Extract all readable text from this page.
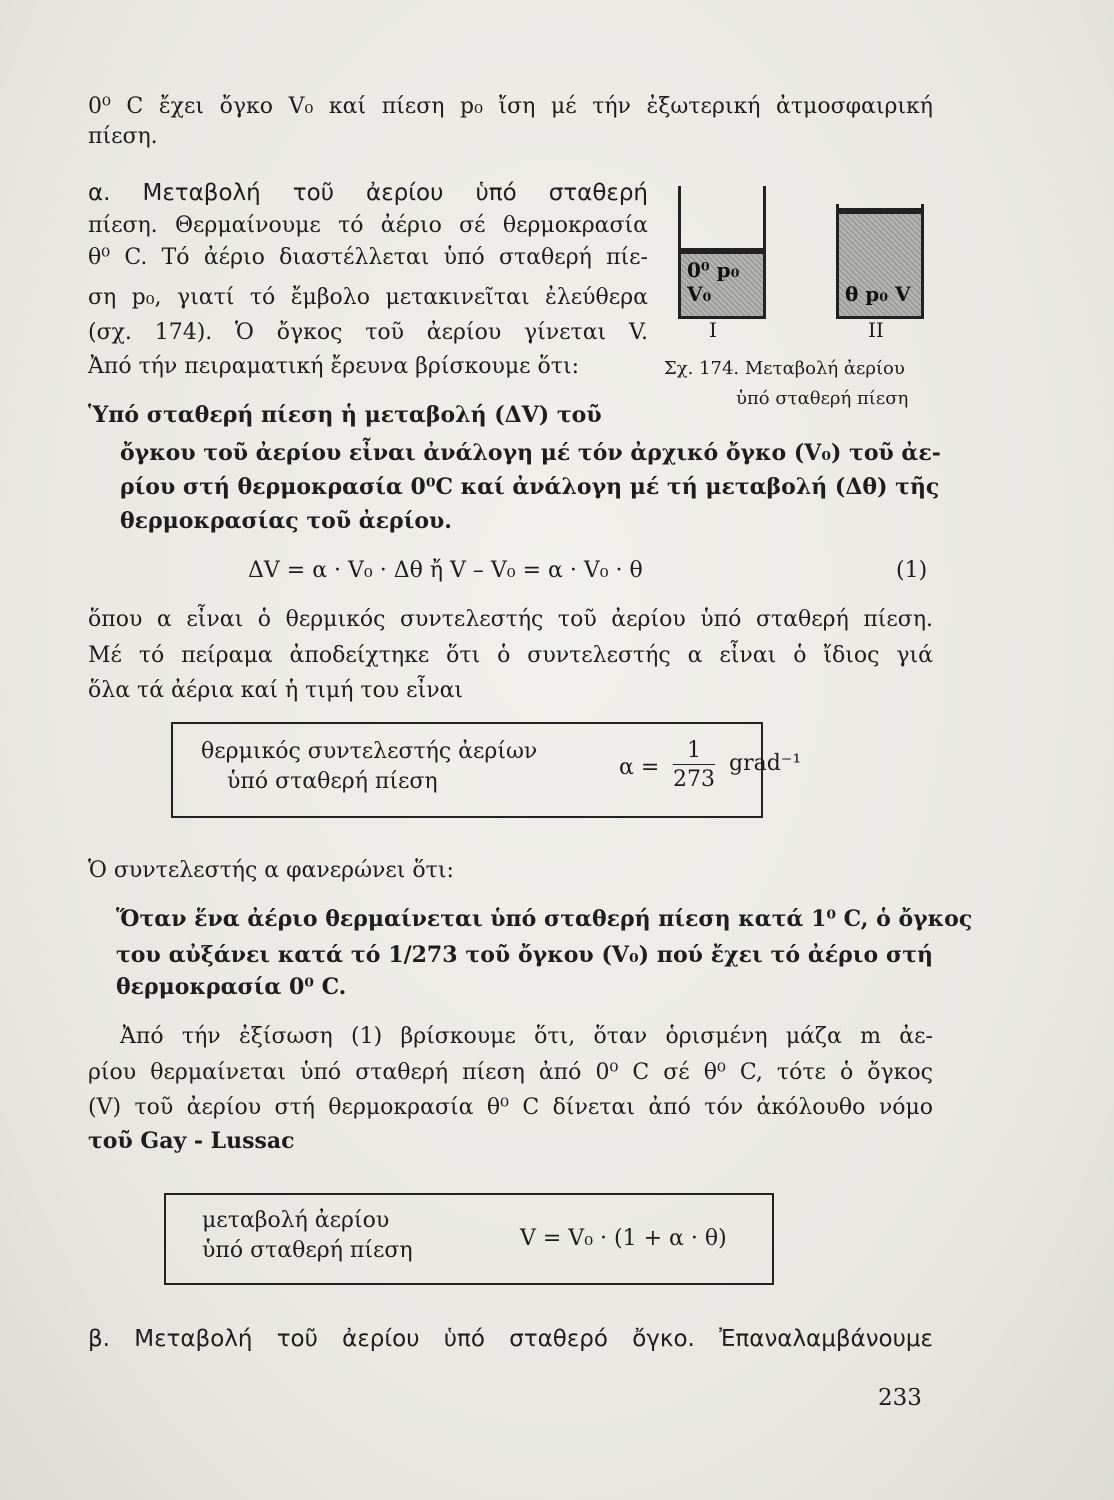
0⁰ C ἔχει ὄγκο V₀ καί πίεση p₀ ἴση μέ τήν ἐξωτερική ἀτμοσφαιρική
πίεση.
α. Μεταβολή τοῦ ἀερίου ὑπό σταθερή
πίεση. Θερμαίνουμε τό ἀέριο σέ θερμοκρασία
θ⁰ C. Τό ἀέριο διαστέλλεται ὑπό σταθερή πίε-
ση p₀, γιατί τό ἔμβολο μετακινεῖται ἐλεύθερα
(σχ. 174). Ὁ ὄγκος τοῦ ἀερίου γίνεται V.
Ἀπό τήν πειραματική ἔρευνα βρίσκουμε ὅτι:
0⁰ p₀ V₀	θ p₀ V
I	II
Σχ. 174. Μεταβολή ἀερίου
ὑπό σταθερή πίεση
Ὑπό σταθερή πίεση ἡ μεταβολή (ΔV) τοῦ
ὄγκου τοῦ ἀερίου εἶναι ἀνάλογη μέ τόν ἀρχικό ὄγκο (V₀) τοῦ ἀε-
ρίου στή θερμοκρασία 0⁰C καί ἀνάλογη μέ τή μεταβολή (Δθ) τῆς
θερμοκρασίας τοῦ ἀερίου.
ΔV = α · V₀ · Δθ ἤ V – V₀ = α · V₀ · θ	(1)
ὅπου α εἶναι ὁ θερμικός συντελεστής τοῦ ἀερίου ὑπό σταθερή πίεση.
Μέ τό πείραμα ἀποδείχτηκε ὅτι ὁ συντελεστής α εἶναι ὁ ἴδιος γιά
ὅλα τά ἀέρια καί ἡ τιμή του εἶναι
θερμικός συντελεστής ἀερίων
ὑπό σταθερή πίεση
$\alpha = \frac{1}{273}$ grad⁻¹
Ὁ συντελεστής α φανερώνει ὅτι:
Ὅταν ἕνα ἀέριο θερμαίνεται ὑπό σταθερή πίεση κατά 1⁰ C, ὁ ὄγκος
του αὐξάνει κατά τό 1/273 τοῦ ὄγκου (V₀) πού ἔχει τό ἀέριο στή
θερμοκρασία 0⁰ C.
Ἀπό τήν ἐξίσωση (1) βρίσκουμε ὅτι, ὅταν ὁρισμένη μάζα m ἀε-
ρίου θερμαίνεται ὑπό σταθερή πίεση ἀπό 0⁰ C σέ θ⁰ C, τότε ὁ ὄγκος
(V) τοῦ ἀερίου στή θερμοκρασία θ⁰ C δίνεται ἀπό τόν ἀκόλουθο νόμο
τοῦ Gay - Lussac
μεταβολή ἀερίου
ὑπό σταθερή πίεση	V = V₀ · (1 + α · θ)
β. Μεταβολή τοῦ ἀερίου ὑπό σταθερό ὄγκο. Ἐπαναλαμβάνουμε
233
